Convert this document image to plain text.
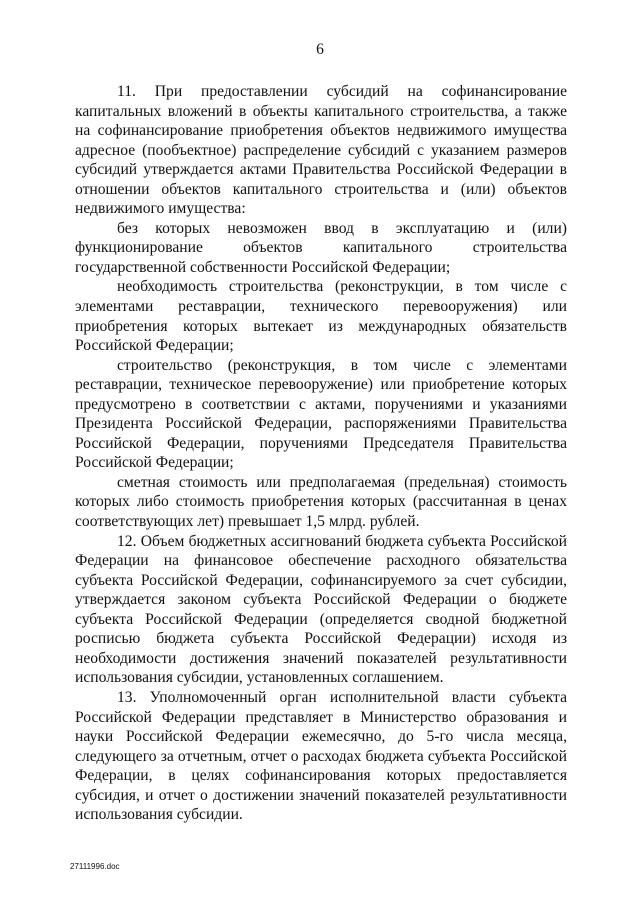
6

11. При предоставлении субсидий на софинансирование капитальных вложений в объекты капитального строительства, а также на софинансирование приобретения объектов недвижимого имущества адресное (пообъектное) распределение субсидий с указанием размеров субсидий утверждается актами Правительства Российской Федерации в отношении объектов капитального строительства и (или) объектов недвижимого имущества:

без которых невозможен ввод в эксплуатацию и (или) функционирование объектов капитального строительства государственной собственности Российской Федерации;

необходимость строительства (реконструкции, в том числе с элементами реставрации, технического перевооружения) или приобретения которых вытекает из международных обязательств Российской Федерации;

строительство (реконструкция, в том числе с элементами реставрации, техническое перевооружение) или приобретение которых предусмотрено в соответствии с актами, поручениями и указаниями Президента Российской Федерации, распоряжениями Правительства Российской Федерации, поручениями Председателя Правительства Российской Федерации;

сметная стоимость или предполагаемая (предельная) стоимость которых либо стоимость приобретения которых (рассчитанная в ценах соответствующих лет) превышает 1,5 млрд. рублей.

12. Объем бюджетных ассигнований бюджета субъекта Российской Федерации на финансовое обеспечение расходного обязательства субъекта Российской Федерации, софинансируемого за счет субсидии, утверждается законом субъекта Российской Федерации о бюджете субъекта Российской Федерации (определяется сводной бюджетной росписью бюджета субъекта Российской Федерации) исходя из необходимости достижения значений показателей результативности использования субсидии, установленных соглашением.

13. Уполномоченный орган исполнительной власти субъекта Российской Федерации представляет в Министерство образования и науки Российской Федерации ежемесячно, до 5-го числа месяца, следующего за отчетным, отчет о расходах бюджета субъекта Российской Федерации, в целях софинансирования которых предоставляется субсидия, и отчет о достижении значений показателей результативности использования субсидии.

27111996.doc
